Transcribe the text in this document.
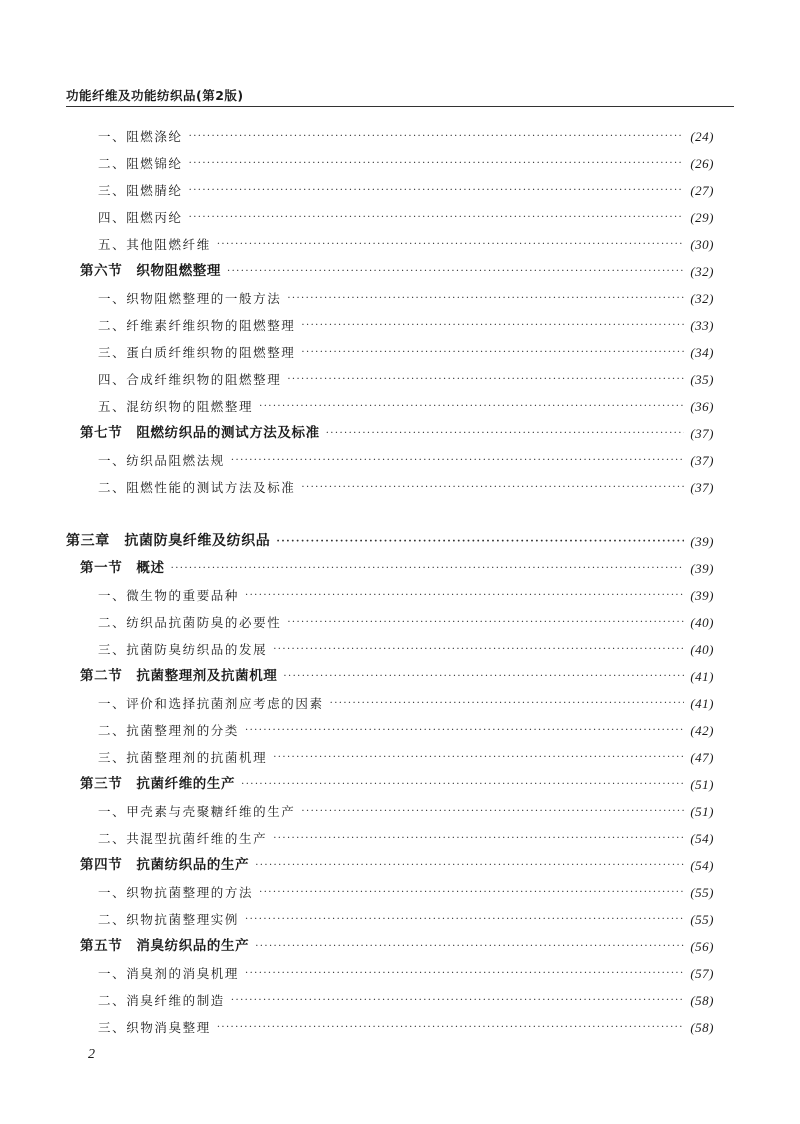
功能纤维及功能纺织品(第2版)
一、阻燃涤纶 ·····	(24)
二、阻燃锦纶 ·····	(26)
三、阻燃腈纶 ·····	(27)
四、阻燃丙纶 ·····	(29)
五、其他阻燃纤维 ·····	(30)
第六节　织物阻燃整理 ·····	(32)
一、织物阻燃整理的一般方法 ·····	(32)
二、纤维素纤维织物的阻燃整理 ·····	(33)
三、蛋白质纤维织物的阻燃整理 ·····	(34)
四、合成纤维织物的阻燃整理 ·····	(35)
五、混纺织物的阻燃整理 ·····	(36)
第七节　阻燃纺织品的测试方法及标准 ·····	(37)
一、纺织品阻燃法规 ·····	(37)
二、阻燃性能的测试方法及标准 ·····	(37)
第三章　抗菌防臭纤维及纺织品 ·····	(39)
第一节　概述 ·····	(39)
一、微生物的重要品种 ·····	(39)
二、纺织品抗菌防臭的必要性 ·····	(40)
三、抗菌防臭纺织品的发展 ·····	(40)
第二节　抗菌整理剂及抗菌机理 ·····	(41)
一、评价和选择抗菌剂应考虑的因素 ·····	(41)
二、抗菌整理剂的分类 ·····	(42)
三、抗菌整理剂的抗菌机理 ·····	(47)
第三节　抗菌纤维的生产 ·····	(51)
一、甲壳素与壳聚糖纤维的生产 ·····	(51)
二、共混型抗菌纤维的生产 ·····	(54)
第四节　抗菌纺织品的生产 ·····	(54)
一、织物抗菌整理的方法 ·····	(55)
二、织物抗菌整理实例 ·····	(55)
第五节　消臭纺织品的生产 ·····	(56)
一、消臭剂的消臭机理 ·····	(57)
二、消臭纤维的制造 ·····	(58)
三、织物消臭整理 ·····	(58)
2
